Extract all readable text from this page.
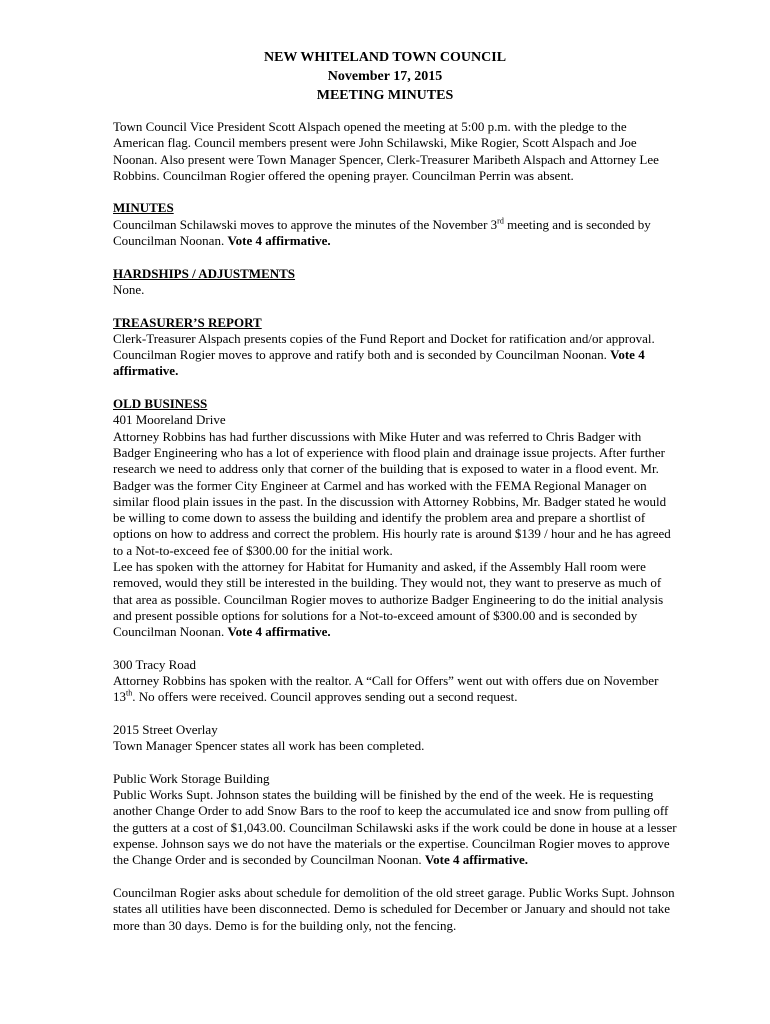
NEW WHITELAND TOWN COUNCIL
November 17, 2015
MEETING MINUTES

Town Council Vice President Scott Alspach opened the meeting at 5:00 p.m. with the pledge to the American flag. Council members present were John Schilawski, Mike Rogier, Scott Alspach and Joe Noonan. Also present were Town Manager Spencer, Clerk-Treasurer Maribeth Alspach and Attorney Lee Robbins. Councilman Rogier offered the opening prayer. Councilman Perrin was absent.

MINUTES

Councilman Schilawski moves to approve the minutes of the November 3rd meeting and is seconded by Councilman Noonan. Vote 4 affirmative.

HARDSHIPS / ADJUSTMENTS

None.

TREASURER’S REPORT

Clerk-Treasurer Alspach presents copies of the Fund Report and Docket for ratification and/or approval. Councilman Rogier moves to approve and ratify both and is seconded by Councilman Noonan. Vote 4 affirmative.

OLD BUSINESS

401 Mooreland Drive

Attorney Robbins has had further discussions with Mike Huter and was referred to Chris Badger with Badger Engineering who has a lot of experience with flood plain and drainage issue projects. After further research we need to address only that corner of the building that is exposed to water in a flood event. Mr. Badger was the former City Engineer at Carmel and has worked with the FEMA Regional Manager on similar flood plain issues in the past. In the discussion with Attorney Robbins, Mr. Badger stated he would be willing to come down to assess the building and identify the problem area and prepare a shortlist of options on how to address and correct the problem. His hourly rate is around $139 / hour and he has agreed to a Not-to-exceed fee of $300.00 for the initial work.

Lee has spoken with the attorney for Habitat for Humanity and asked, if the Assembly Hall room were removed, would they still be interested in the building. They would not, they want to preserve as much of that area as possible. Councilman Rogier moves to authorize Badger Engineering to do the initial analysis and present possible options for solutions for a Not-to-exceed amount of $300.00 and is seconded by Councilman Noonan. Vote 4 affirmative.

300 Tracy Road

Attorney Robbins has spoken with the realtor. A “Call for Offers” went out with offers due on November 13th. No offers were received. Council approves sending out a second request.

2015 Street Overlay

Town Manager Spencer states all work has been completed.

Public Work Storage Building

Public Works Supt. Johnson states the building will be finished by the end of the week. He is requesting another Change Order to add Snow Bars to the roof to keep the accumulated ice and snow from pulling off the gutters at a cost of $1,043.00. Councilman Schilawski asks if the work could be done in house at a lesser expense. Johnson says we do not have the materials or the expertise. Councilman Rogier moves to approve the Change Order and is seconded by Councilman Noonan. Vote 4 affirmative.

Councilman Rogier asks about schedule for demolition of the old street garage. Public Works Supt. Johnson states all utilities have been disconnected. Demo is scheduled for December or January and should not take more than 30 days. Demo is for the building only, not the fencing.
